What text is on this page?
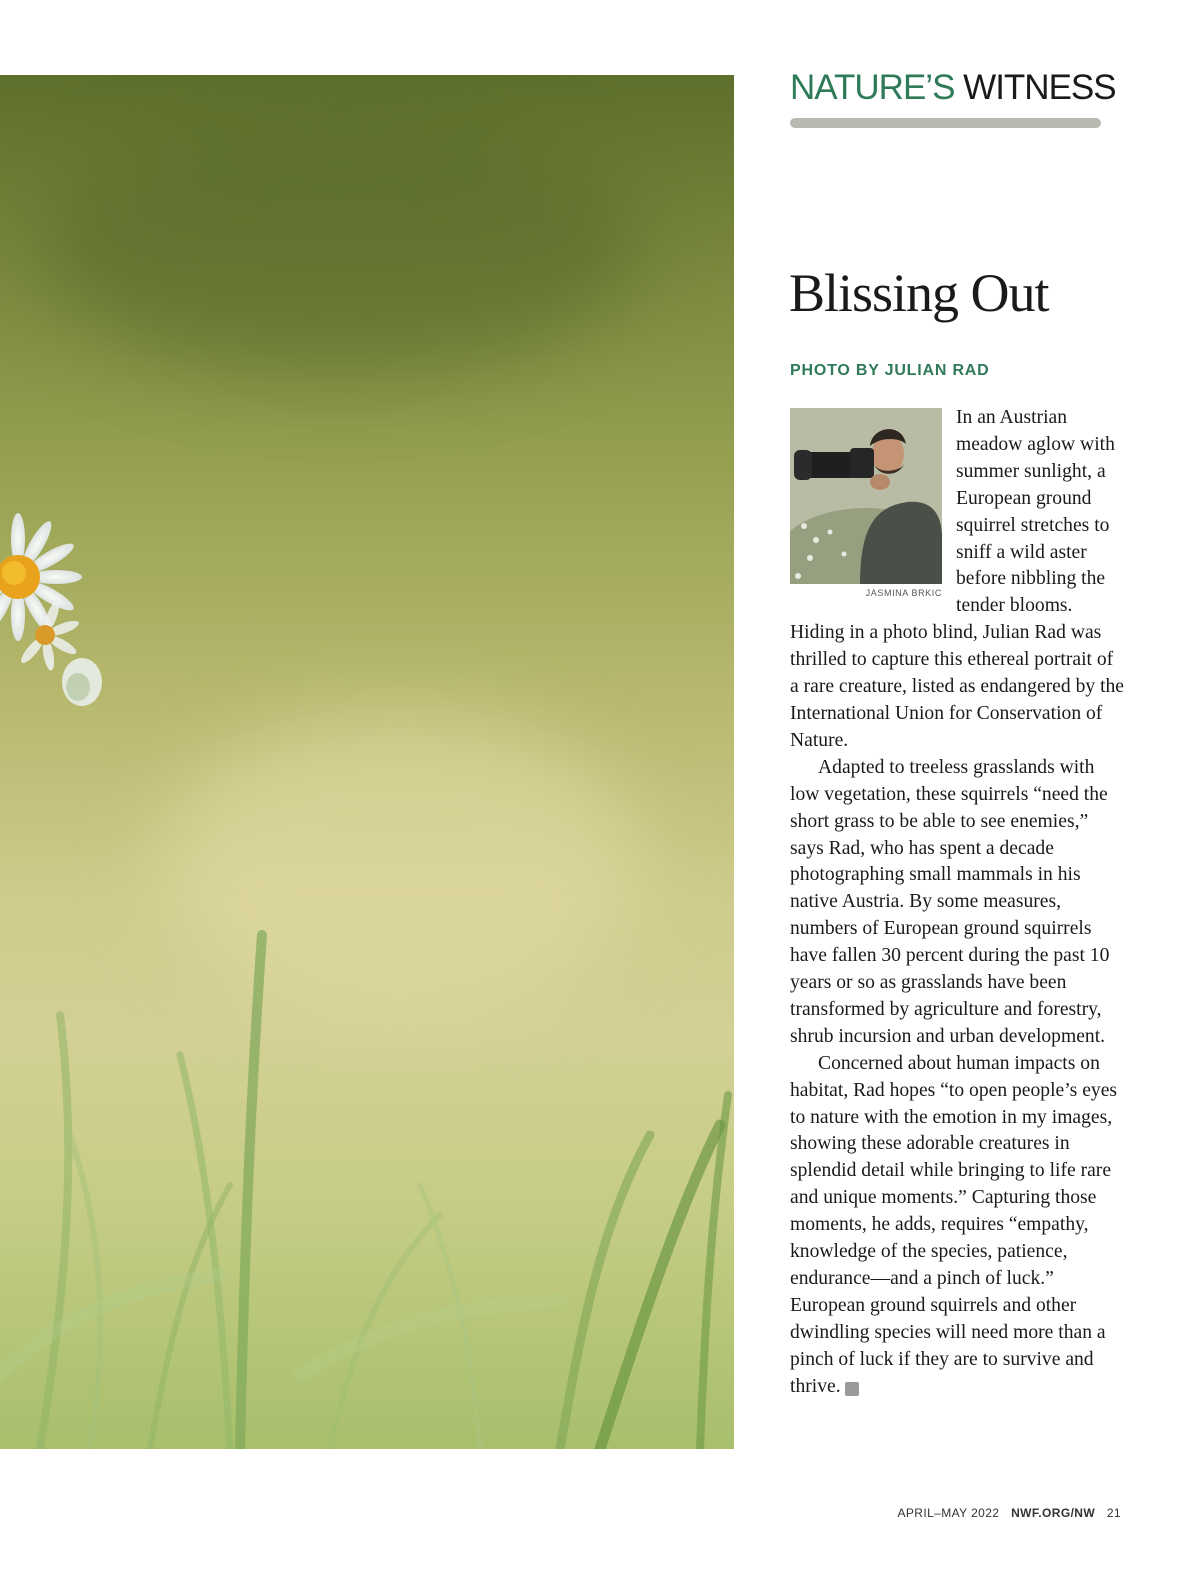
NATURE’S WITNESS
Blissing Out
PHOTO BY JULIAN RAD
JASMINA BRKIC

In an Austrian meadow aglow with summer sunlight, a European ground squirrel stretches to sniff a wild aster before nibbling the tender blooms. Hiding in a photo blind, Julian Rad was thrilled to capture this ethereal portrait of a rare creature, listed as endangered by the International Union for Conservation of Nature.

Adapted to treeless grasslands with low vegetation, these squirrels “need the short grass to be able to see enemies,” says Rad, who has spent a decade photographing small mammals in his native Austria. By some measures, numbers of European ground squirrels have fallen 30 percent during the past 10 years or so as grasslands have been transformed by agriculture and forestry, shrub incursion and urban development.

Concerned about human impacts on habitat, Rad hopes “to open people’s eyes to nature with the emotion in my images, showing these adorable creatures in splendid detail while bringing to life rare and unique moments.” Capturing those moments, he adds, requires “empathy, knowledge of the species, patience, endurance—and a pinch of luck.” European ground squirrels and other dwindling species will need more than a pinch of luck if they are to survive and thrive.	W

APRIL–MAY 2022 NWF.ORG/NW 21
